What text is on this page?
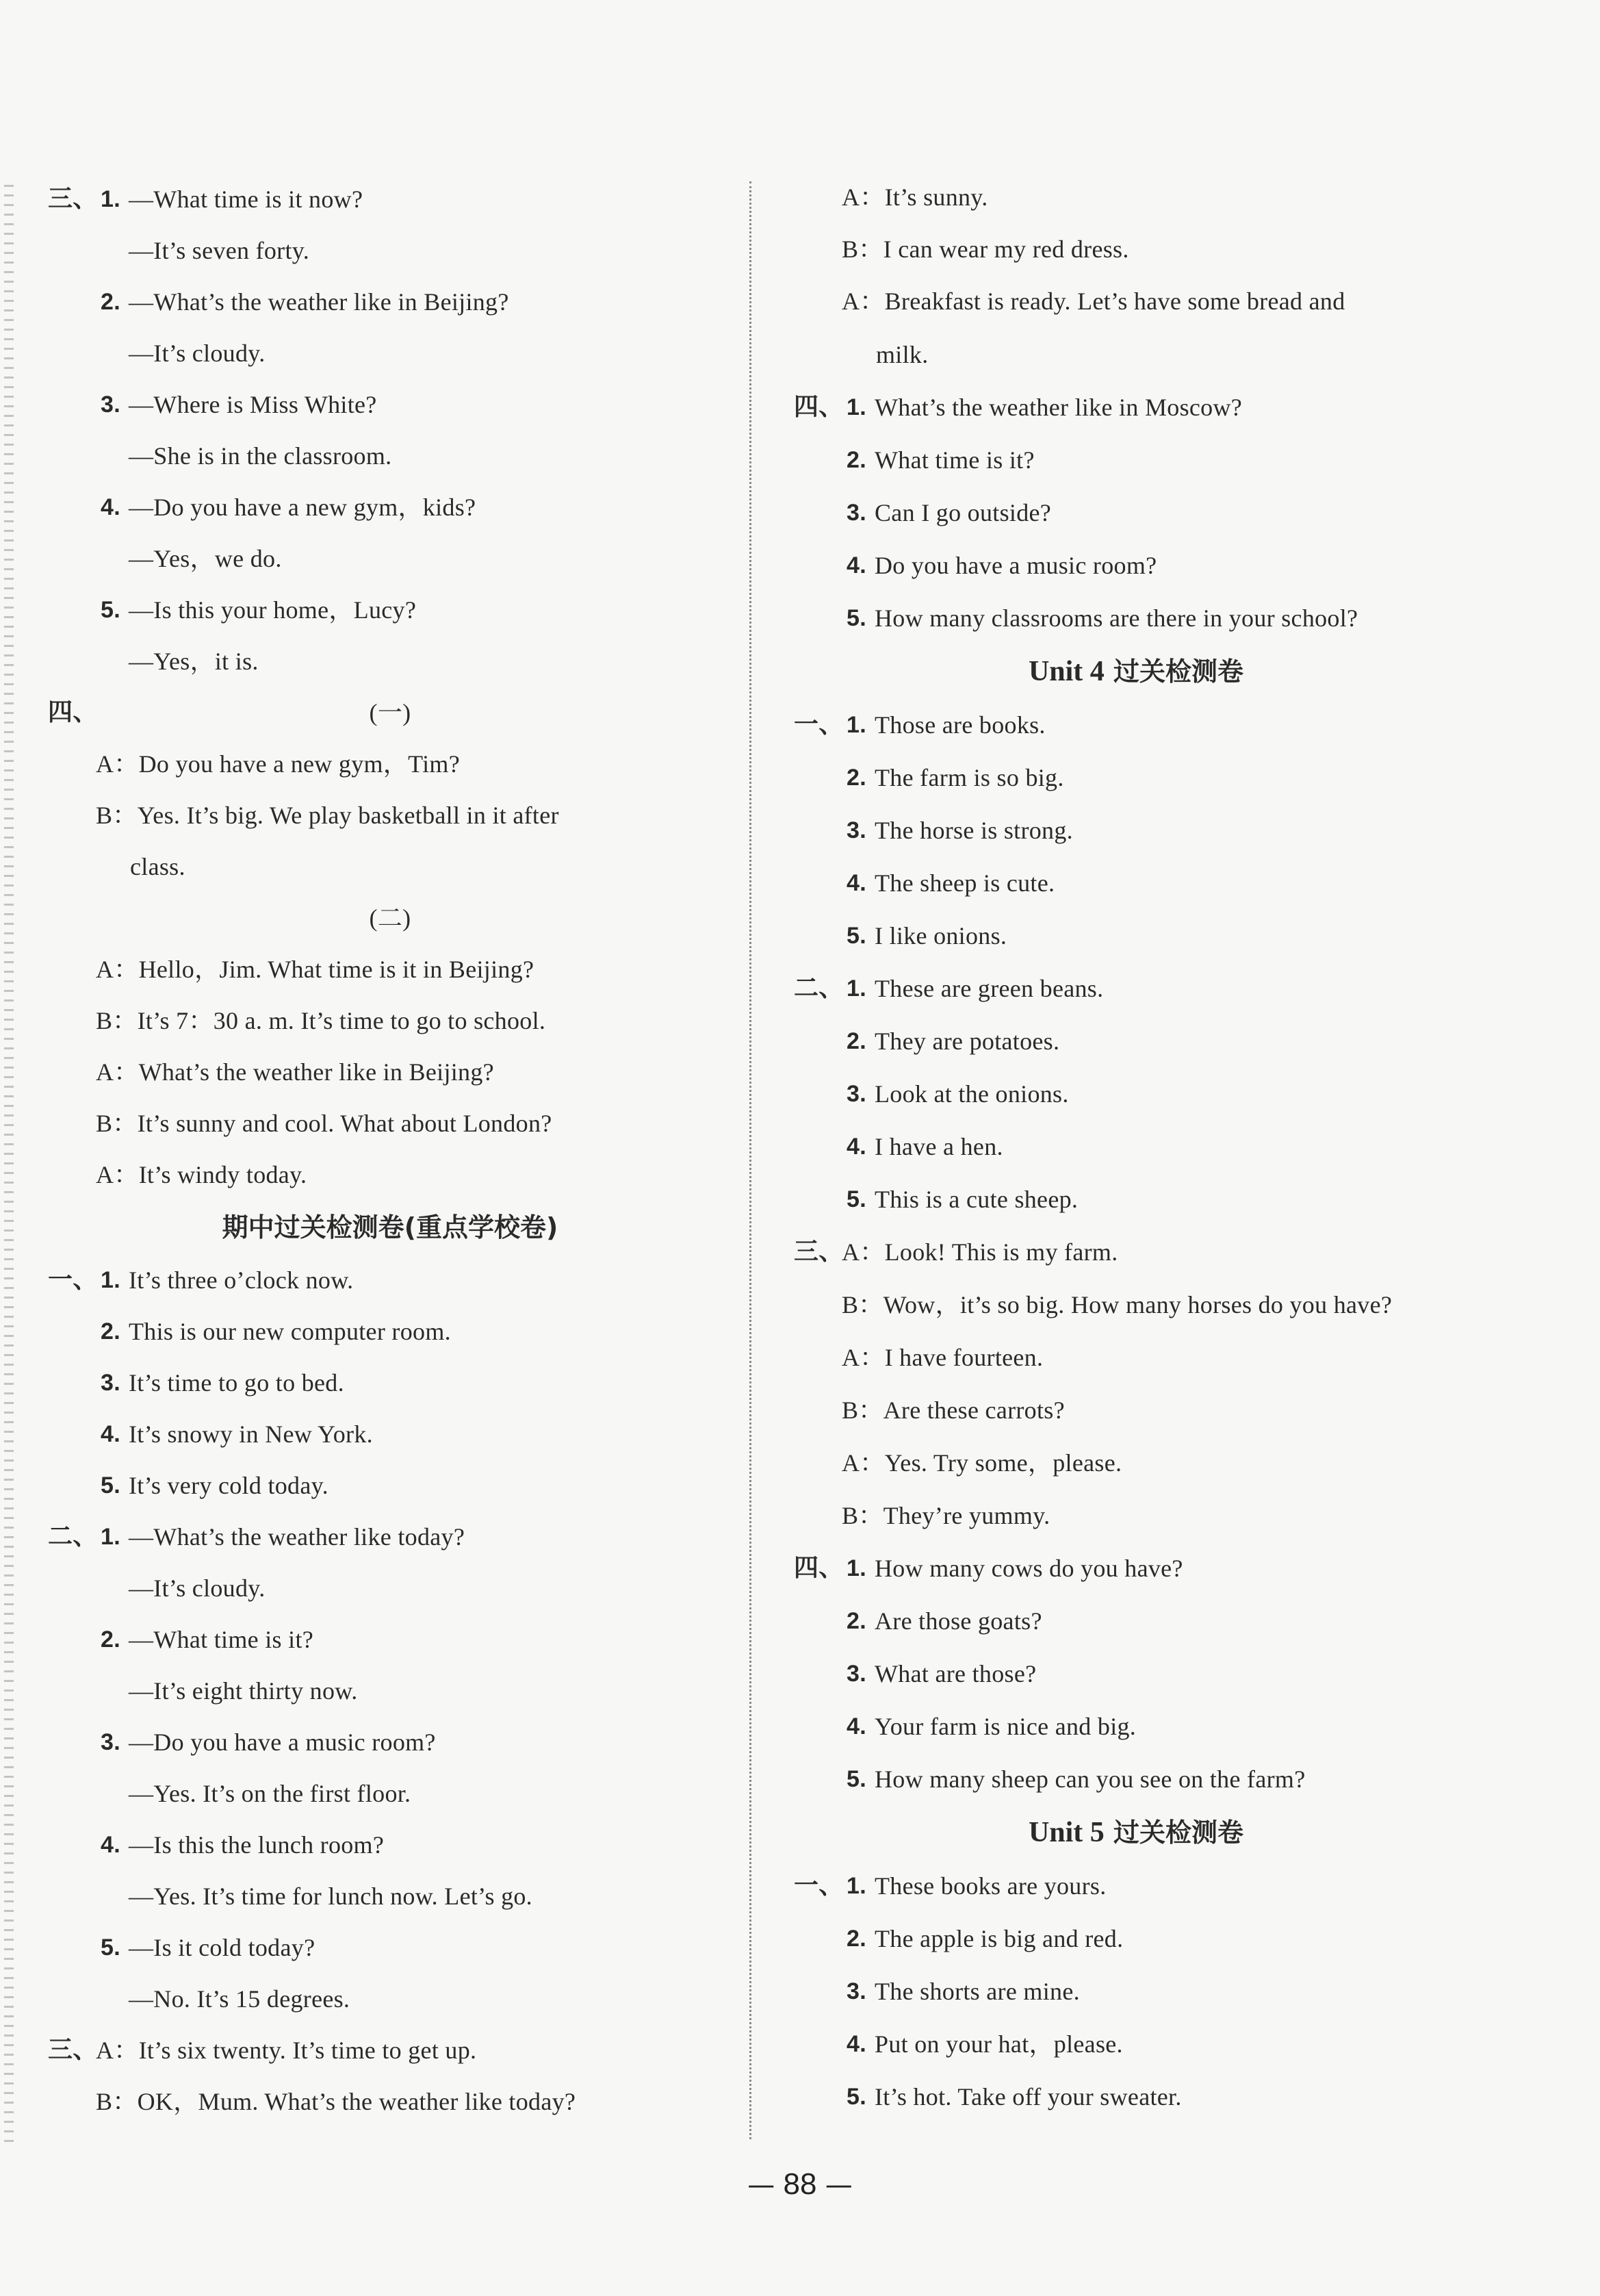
三、 1. —What time is it now?
—It’s seven forty.
2. —What’s the weather like in Beijing?
—It’s cloudy.
3. —Where is Miss White?
—She is in the classroom.
4. —Do you have a new gym，kids?
—Yes，we do.
5. —Is this your home，Lucy?
—Yes，it is.
四、	(一)
A：Do you have a new gym，Tim?
B：Yes. It’s big. We play basketball in it after
class.
(二)
A：Hello，Jim. What time is it in Beijing?
B：It’s 7：30 a. m. It’s time to go to school.
A：What’s the weather like in Beijing?
B：It’s sunny and cool. What about London?
A：It’s windy today.
期中过关检测卷(重点学校卷)
一、 1. It’s three o’clock now.
2. This is our new computer room.
3. It’s time to go to bed.
4. It’s snowy in New York.
5. It’s very cold today.
二、 1. —What’s the weather like today?
—It’s cloudy.
2. —What time is it?
—It’s eight thirty now.
3. —Do you have a music room?
—Yes. It’s on the first floor.
4. —Is this the lunch room?
—Yes. It’s time for lunch now. Let’s go.
5. —Is it cold today?
—No. It’s 15 degrees.
三、
A：It’s six twenty. It’s time to get up.
B：OK，Mum. What’s the weather like today?
A：It’s sunny.
B：I can wear my red dress.
A：Breakfast is ready. Let’s have some bread and
milk.
四、 1. What’s the weather like in Moscow?
2. What time is it?
3. Can I go outside?
4. Do you have a music room?
5. How many classrooms are there in your school?
Unit 4 过关检测卷
一、 1. Those are books.
2. The farm is so big.
3. The horse is strong.
4. The sheep is cute.
5. I like onions.
二、 1. These are green beans.
2. They are potatoes.
3. Look at the onions.
4. I have a hen.
5. This is a cute sheep.
三、
A：Look! This is my farm.
B：Wow，it’s so big. How many horses do you have?
A：I have fourteen.
B：Are these carrots?
A：Yes. Try some，please.
B：They’re yummy.
四、 1. How many cows do you have?
2. Are those goats?
3. What are those?
4. Your farm is nice and big.
5. How many sheep can you see on the farm?
Unit 5 过关检测卷
一、 1. These books are yours.
2. The apple is big and red.
3. The shorts are mine.
4. Put on your hat，please.
5. It’s hot. Take off your sweater.
— 88 —
